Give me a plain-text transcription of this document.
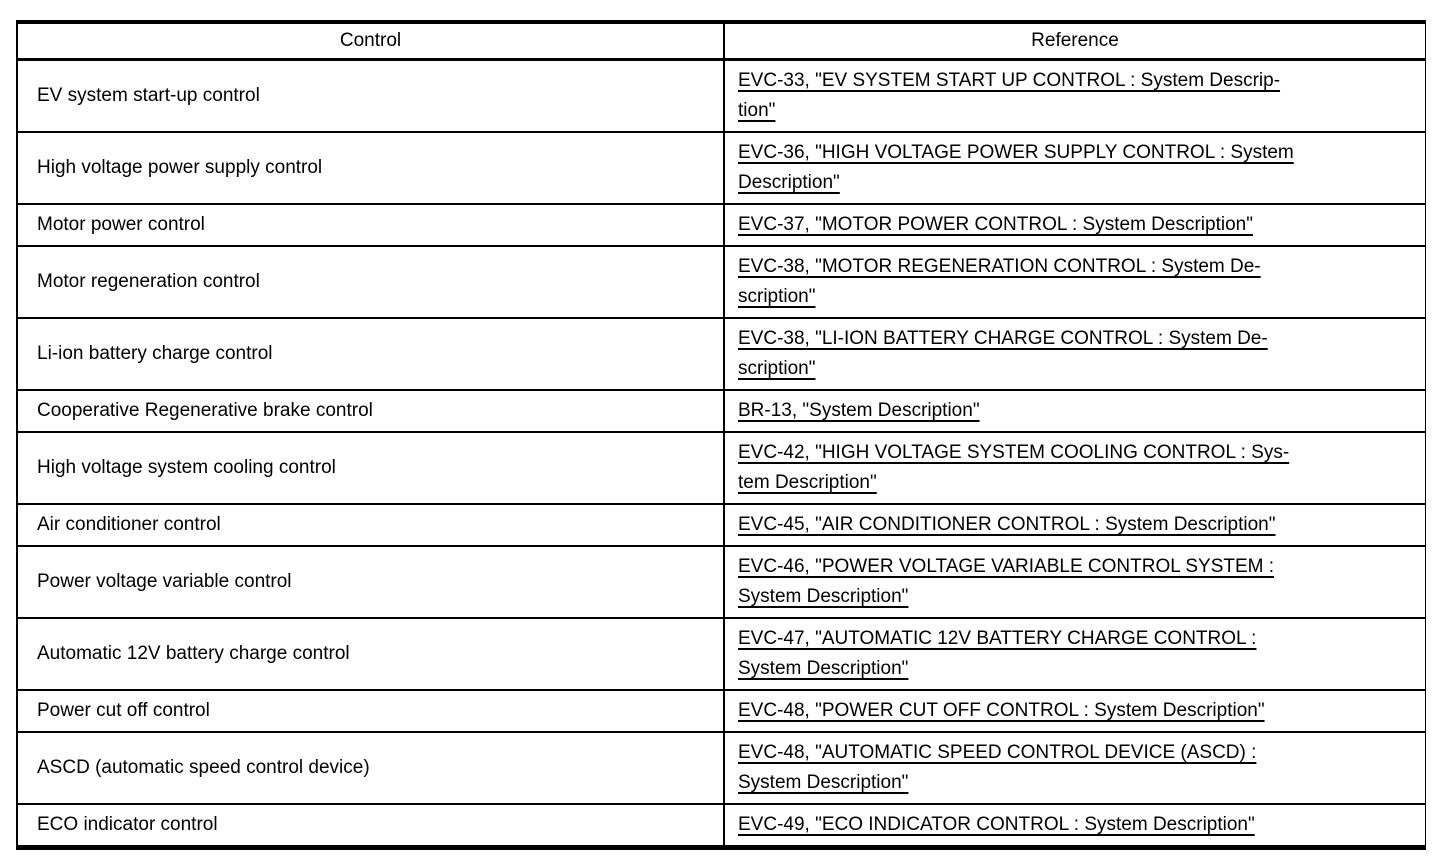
Control	Reference
EV system start-up control	EVC-33, "EV SYSTEM START UP CONTROL : System Descrip-
tion"
High voltage power supply control	EVC-36, "HIGH VOLTAGE POWER SUPPLY CONTROL : System
Description"
Motor power control	EVC-37, "MOTOR POWER CONTROL : System Description"
Motor regeneration control	EVC-38, "MOTOR REGENERATION CONTROL : System De-
scription"
Li-ion battery charge control	EVC-38, "LI-ION BATTERY CHARGE CONTROL : System De-
scription"
Cooperative Regenerative brake control	BR-13, "System Description"
High voltage system cooling control	EVC-42, "HIGH VOLTAGE SYSTEM COOLING CONTROL : Sys-
tem Description"
Air conditioner control	EVC-45, "AIR CONDITIONER CONTROL : System Description"
Power voltage variable control	EVC-46, "POWER VOLTAGE VARIABLE CONTROL SYSTEM :
System Description"
Automatic 12V battery charge control	EVC-47, "AUTOMATIC 12V BATTERY CHARGE CONTROL :
System Description"
Power cut off control	EVC-48, "POWER CUT OFF CONTROL : System Description"
ASCD (automatic speed control device)	EVC-48, "AUTOMATIC SPEED CONTROL DEVICE (ASCD) :
System Description"
ECO indicator control	EVC-49, "ECO INDICATOR CONTROL : System Description"
